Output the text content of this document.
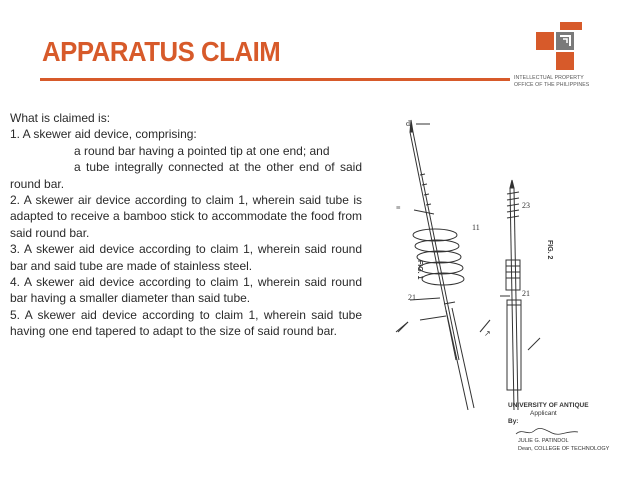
APPARATUS CLAIM
INTELLECTUAL PROPERTY
OFFICE OF THE PHILIPPINES

What is claimed is:

1. A skewer aid device, comprising:

a round bar having a pointed tip at one end; and

a tube integrally connected at the other end of said round bar.

2. A skewer air device according to claim 1, wherein said tube is adapted to receive a bamboo stick to accommodate the food from said round bar.

3. A skewer aid device according to claim 1, wherein said round bar and said tube are made of stainless steel.

4. A skewer aid device according to claim 1, wherein said round bar having a smaller diameter than said tube.

5. A skewer aid device according to claim 1, wherein said tube having one end tapered to adapt to the size of said round bar.

d
≡
11
21	21
23
↗
FIG. 1
FIG. 2
UNIVERSITY OF ANTIQUE
Applicant
By:
JULIE G. PATINDOL
Dean, COLLEGE OF TECHNOLOGY
